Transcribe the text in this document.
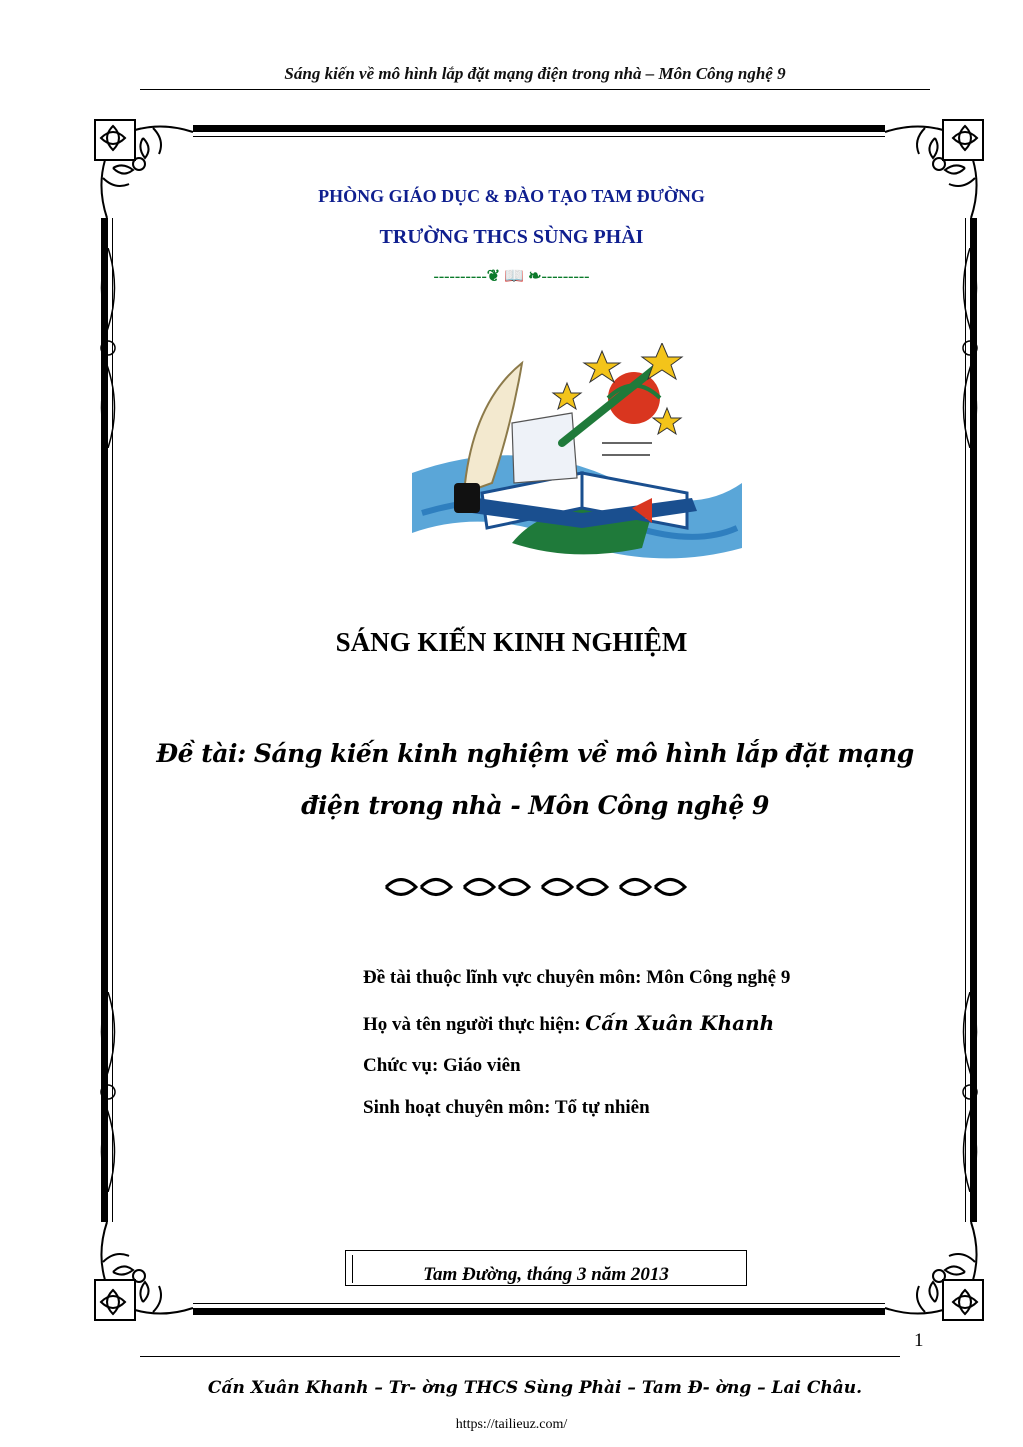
Sáng kiến về mô hình lắp đặt mạng điện trong nhà – Môn Công nghệ 9
PHÒNG GIÁO DỤC & ĐÀO TẠO TAM ĐƯỜNG
TRƯỜNG THCS SÙNG PHÀI
----------❦ 📖 ❧---------
SÁNG KIẾN KINH NGHIỆM
Đề tài: Sáng kiến kinh nghiệm về mô hình lắp đặt mạng
điện trong nhà - Môn Công nghệ 9
Đề tài thuộc lĩnh vực chuyên môn: Môn Công nghệ 9
Họ và tên người thực hiện: Cấn Xuân Khanh
Chức vụ: Giáo viên
Sinh hoạt chuyên môn: Tổ tự nhiên
Tam Đường, tháng 3 năm 2013
1
Cấn Xuân Khanh – Tr- ờng THCS Sùng Phài – Tam Đ- ờng – Lai Châu.
https://tailieuz.com/
